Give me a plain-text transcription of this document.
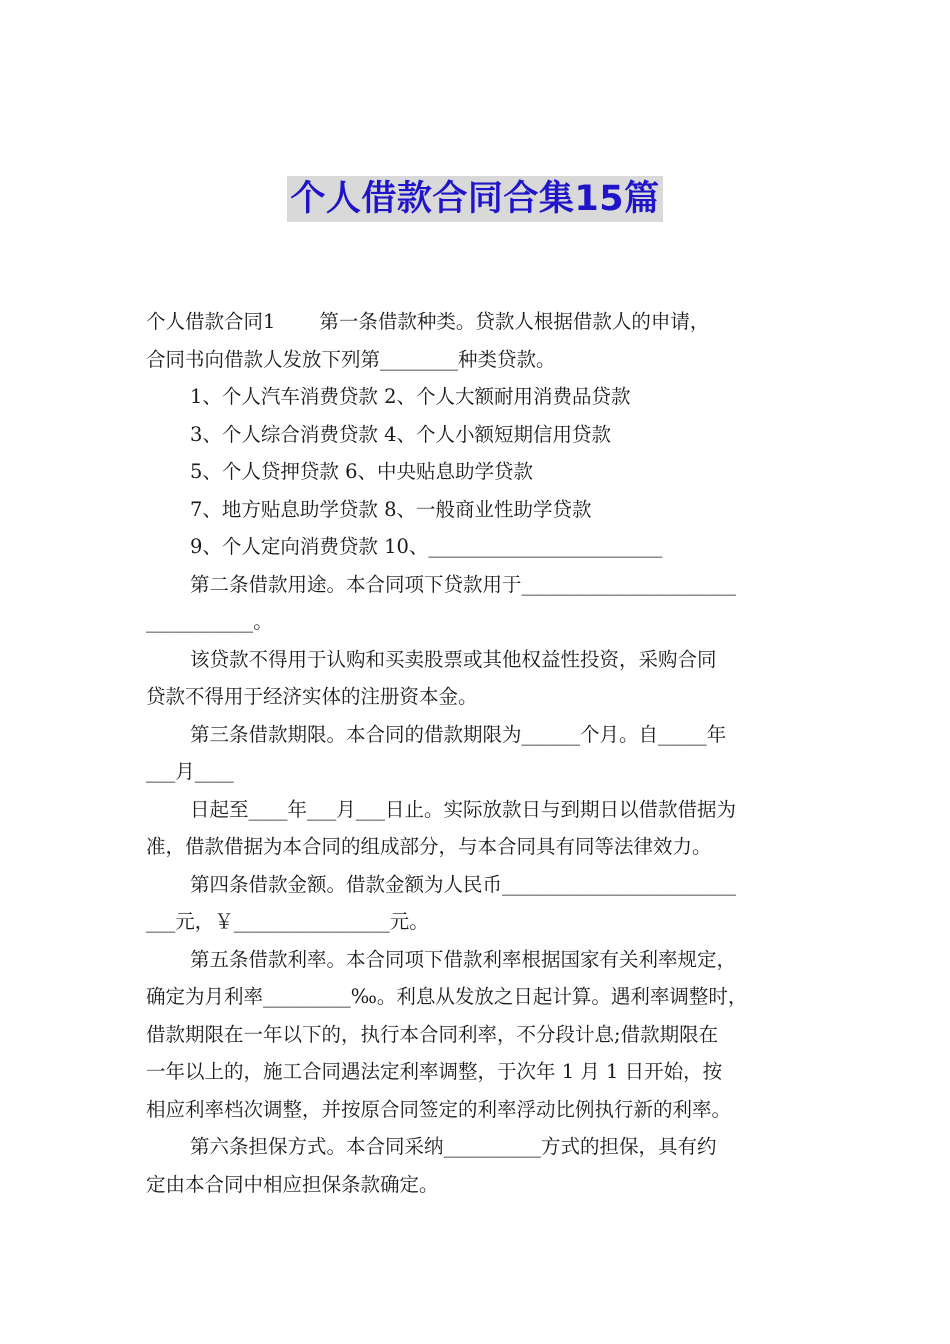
个人借款合同合集15篇
个人借款合同1 第一条借款种类。贷款人根据借款人的申请，
合同书向借款人发放下列第________种类贷款。
1、个人汽车消费贷款 2、个人大额耐用消费品贷款
3、个人综合消费贷款 4、个人小额短期信用贷款
5、个人贷押贷款 6、中央贴息助学贷款
7、地方贴息助学贷款 8、一般商业性助学贷款
9、个人定向消费贷款 10、________________________
第二条借款用途。本合同项下贷款用于______________________
___________。
该贷款不得用于认购和买卖股票或其他权益性投资，采购合同
贷款不得用于经济实体的注册资本金。
第三条借款期限。本合同的借款期限为______个月。自_____年
___月____
日起至____年___月___日止。实际放款日与到期日以借款借据为
准，借款借据为本合同的组成部分，与本合同具有同等法律效力。
第四条借款金额。借款金额为人民币________________________
___元，￥________________元。
第五条借款利率。本合同项下借款利率根据国家有关利率规定，
确定为月利率_________‰。利息从发放之日起计算。遇利率调整时，
借款期限在一年以下的，执行本合同利率，不分段计息;借款期限在
一年以上的，施工合同遇法定利率调整，于次年 1 月 1 日开始，按
相应利率档次调整，并按原合同签定的利率浮动比例执行新的利率。
第六条担保方式。本合同采纳__________方式的担保，具有约
定由本合同中相应担保条款确定。
